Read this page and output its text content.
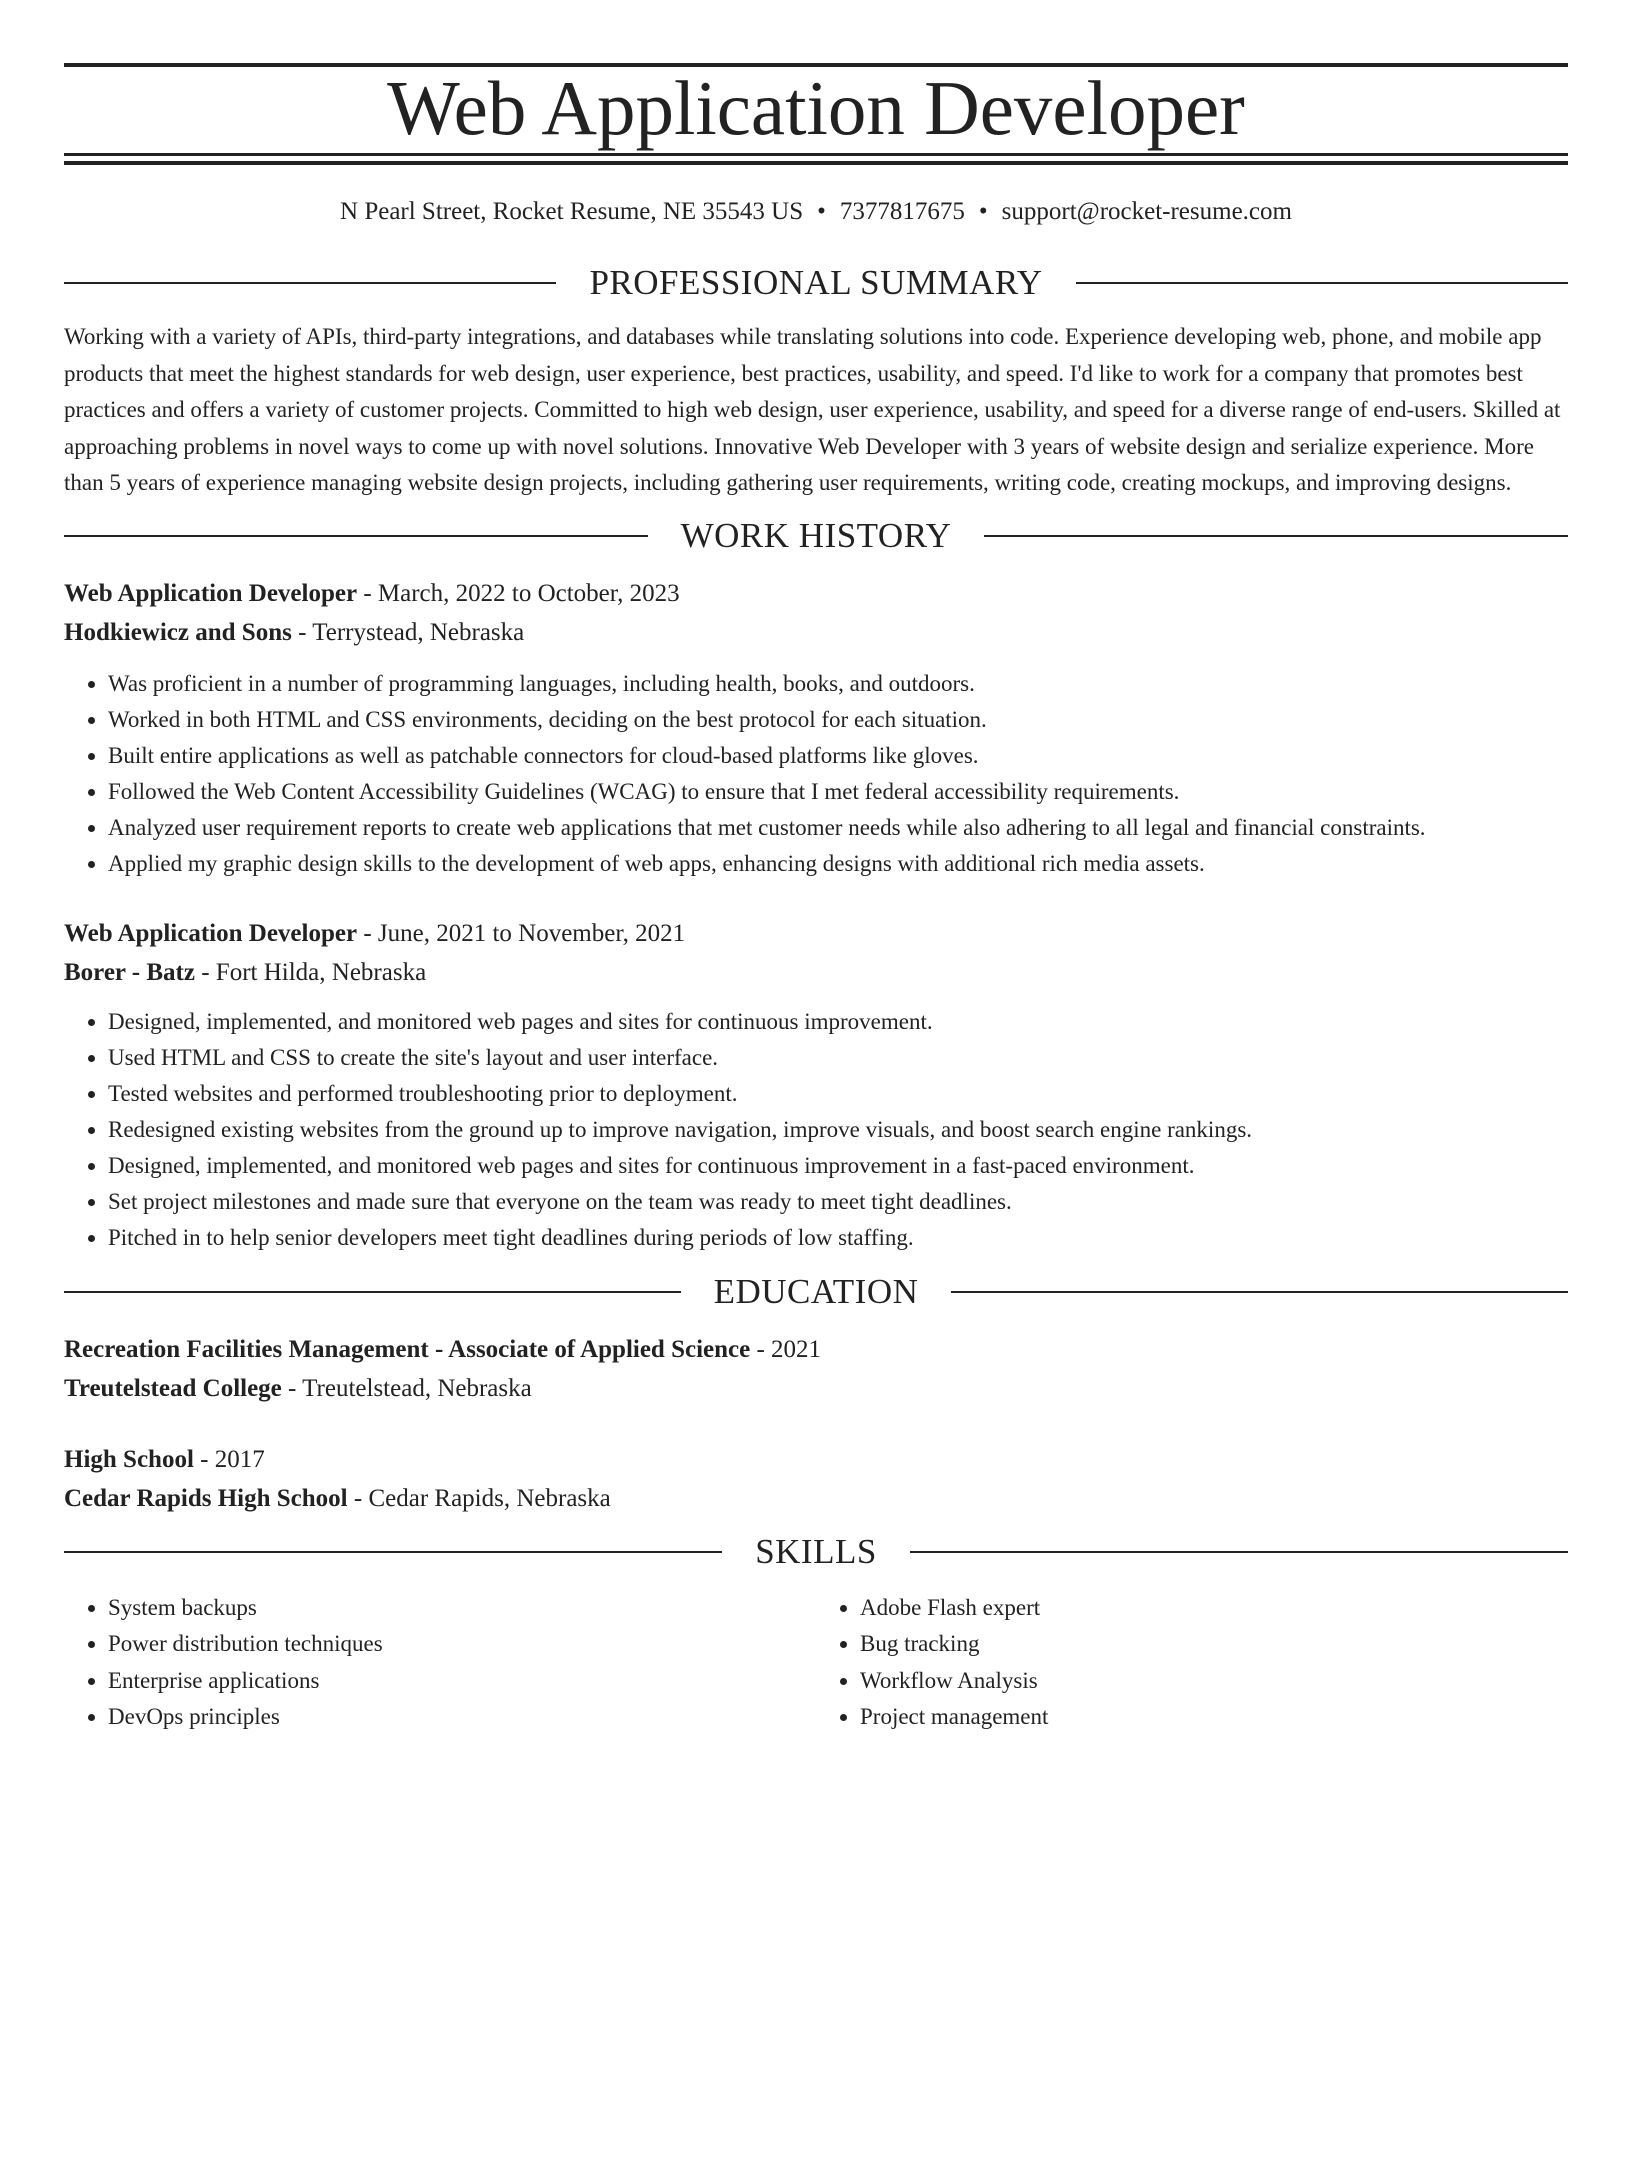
Web Application Developer
N Pearl Street, Rocket Resume, NE 35543 US • 7377817675 • support@rocket-resume.com
PROFESSIONAL SUMMARY

Working with a variety of APIs, third-party integrations, and databases while translating solutions into code. Experience developing web, phone, and mobile app products that meet the highest standards for web design, user experience, best practices, usability, and speed. I'd like to work for a company that promotes best practices and offers a variety of customer projects. Committed to high web design, user experience, usability, and speed for a diverse range of end-users. Skilled at approaching problems in novel ways to come up with novel solutions. Innovative Web Developer with 3 years of website design and serialize experience. More than 5 years of experience managing website design projects, including gathering user requirements, writing code, creating mockups, and improving designs.

WORK HISTORY
Web Application Developer - March, 2022 to October, 2023
Hodkiewicz and Sons - Terrystead, Nebraska
• Was proficient in a number of programming languages, including health, books, and outdoors.
• Worked in both HTML and CSS environments, deciding on the best protocol for each situation.
• Built entire applications as well as patchable connectors for cloud-based platforms like gloves.
• Followed the Web Content Accessibility Guidelines (WCAG) to ensure that I met federal accessibility requirements.
• Analyzed user requirement reports to create web applications that met customer needs while also adhering to all legal and financial constraints.
• Applied my graphic design skills to the development of web apps, enhancing designs with additional rich media assets.
Web Application Developer - June, 2021 to November, 2021
Borer - Batz - Fort Hilda, Nebraska
• Designed, implemented, and monitored web pages and sites for continuous improvement.
• Used HTML and CSS to create the site's layout and user interface.
• Tested websites and performed troubleshooting prior to deployment.
• Redesigned existing websites from the ground up to improve navigation, improve visuals, and boost search engine rankings.
• Designed, implemented, and monitored web pages and sites for continuous improvement in a fast-paced environment.
• Set project milestones and made sure that everyone on the team was ready to meet tight deadlines.
• Pitched in to help senior developers meet tight deadlines during periods of low staffing.
EDUCATION
Recreation Facilities Management - Associate of Applied Science - 2021
Treutelstead College - Treutelstead, Nebraska
High School - 2017
Cedar Rapids High School - Cedar Rapids, Nebraska
SKILLS
• System backups
• Power distribution techniques
• Enterprise applications
• DevOps principles
• Adobe Flash expert
• Bug tracking
• Workflow Analysis
• Project management
